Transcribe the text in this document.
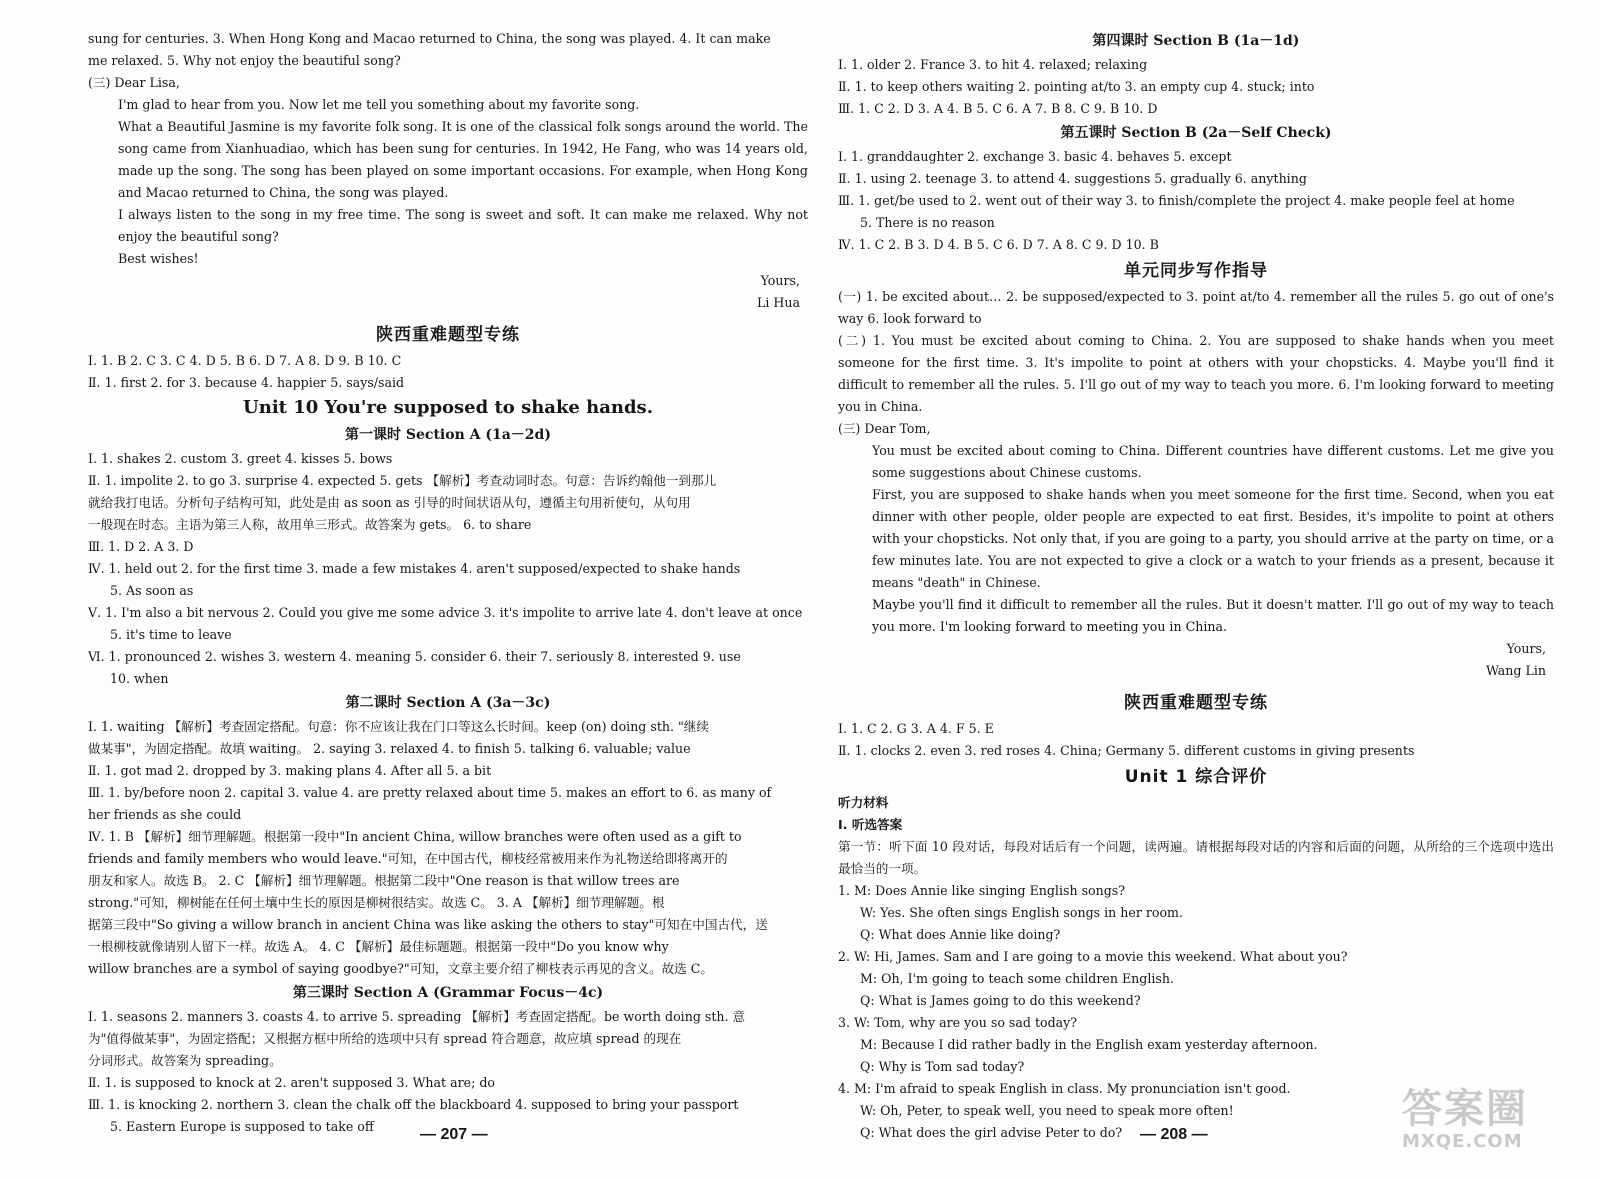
sung for centuries. 3. When Hong Kong and Macao returned to China, the song was played. 4. It can make
me relaxed. 5. Why not enjoy the beautiful song?
(三) Dear Lisa,
I'm glad to hear from you. Now let me tell you something about my favorite song.
What a Beautiful Jasmine is my favorite folk song. It is one of the classical folk songs around the world. The song came from Xianhuadiao, which has been sung for centuries. In 1942, He Fang, who was 14 years old, made up the song. The song has been played on some important occasions. For example, when Hong Kong and Macao returned to China, the song was played.
I always listen to the song in my free time. The song is sweet and soft. It can make me relaxed. Why not enjoy the beautiful song?
Best wishes!
Yours,
Li Hua
陕西重难题型专练
Ⅰ. 1. B 2. C 3. C 4. D 5. B 6. D 7. A 8. D 9. B 10. C
Ⅱ. 1. first 2. for 3. because 4. happier 5. says/said
Unit 10 You're supposed to shake hands.
第一课时 Section A (1a－2d)
Ⅰ. 1. shakes 2. custom 3. greet 4. kisses 5. bows
Ⅱ. 1. impolite 2. to go 3. surprise 4. expected 5. gets 【解析】考查动词时态。句意：告诉约翰他一到那儿
就给我打电话。分析句子结构可知，此处是由 as soon as 引导的时间状语从句，遵循主句用祈使句，从句用
一般现在时态。主语为第三人称，故用单三形式。故答案为 gets。 6. to share
Ⅲ. 1. D 2. A 3. D
Ⅳ. 1. held out 2. for the first time 3. made a few mistakes 4. aren't supposed/expected to shake hands
5. As soon as
Ⅴ. 1. I'm also a bit nervous 2. Could you give me some advice 3. it's impolite to arrive late 4. don't leave at once
5. it's time to leave
Ⅵ. 1. pronounced 2. wishes 3. western 4. meaning 5. consider 6. their 7. seriously 8. interested 9. use
10. when
第二课时 Section A (3a－3c)
Ⅰ. 1. waiting 【解析】考查固定搭配。句意：你不应该让我在门口等这么长时间。keep (on) doing sth. "继续
做某事"，为固定搭配。故填 waiting。 2. saying 3. relaxed 4. to finish 5. talking 6. valuable; value
Ⅱ. 1. got mad 2. dropped by 3. making plans 4. After all 5. a bit
Ⅲ. 1. by/before noon 2. capital 3. value 4. are pretty relaxed about time 5. makes an effort to 6. as many of
her friends as she could
Ⅳ. 1. B 【解析】细节理解题。根据第一段中"In ancient China, willow branches were often used as a gift to
friends and family members who would leave."可知，在中国古代，柳枝经常被用来作为礼物送给即将离开的
朋友和家人。故选 B。 2. C 【解析】细节理解题。根据第二段中"One reason is that willow trees are
strong."可知，柳树能在任何土壤中生长的原因是柳树很结实。故选 C。 3. A 【解析】细节理解题。根
据第三段中"So giving a willow branch in ancient China was like asking the others to stay"可知在中国古代，送
一根柳枝就像请别人留下一样。故选 A。 4. C 【解析】最佳标题题。根据第一段中"Do you know why
willow branches are a symbol of saying goodbye?"可知，文章主要介绍了柳枝表示再见的含义。故选 C。
第三课时 Section A (Grammar Focus－4c)
Ⅰ. 1. seasons 2. manners 3. coasts 4. to arrive 5. spreading 【解析】考查固定搭配。be worth doing sth. 意
为"值得做某事"，为固定搭配；又根据方框中所给的选项中只有 spread 符合题意，故应填 spread 的现在
分词形式。故答案为 spreading。
Ⅱ. 1. is supposed to knock at 2. aren't supposed 3. What are; do
Ⅲ. 1. is knocking 2. northern 3. clean the chalk off the blackboard 4. supposed to bring your passport
5. Eastern Europe is supposed to take off
第四课时 Section B (1a－1d)
Ⅰ. 1. older 2. France 3. to hit 4. relaxed; relaxing
Ⅱ. 1. to keep others waiting 2. pointing at/to 3. an empty cup 4. stuck; into
Ⅲ. 1. C 2. D 3. A 4. B 5. C 6. A 7. B 8. C 9. B 10. D
第五课时 Section B (2a－Self Check)
Ⅰ. 1. granddaughter 2. exchange 3. basic 4. behaves 5. except
Ⅱ. 1. using 2. teenage 3. to attend 4. suggestions 5. gradually 6. anything
Ⅲ. 1. get/be used to 2. went out of their way 3. to finish/complete the project 4. make people feel at home
5. There is no reason
Ⅳ. 1. C 2. B 3. D 4. B 5. C 6. D 7. A 8. C 9. D 10. B
单元同步写作指导
(一) 1. be excited about… 2. be supposed/expected to 3. point at/to 4. remember all the rules 5. go out of one's way 6. look forward to
(二) 1. You must be excited about coming to China. 2. You are supposed to shake hands when you meet someone for the first time. 3. It's impolite to point at others with your chopsticks. 4. Maybe you'll find it difficult to remember all the rules. 5. I'll go out of my way to teach you more. 6. I'm looking forward to meeting you in China.
(三) Dear Tom,
You must be excited about coming to China. Different countries have different customs. Let me give you some suggestions about Chinese customs.
First, you are supposed to shake hands when you meet someone for the first time. Second, when you eat dinner with other people, older people are expected to eat first. Besides, it's impolite to point at others with your chopsticks. Not only that, if you are going to a party, you should arrive at the party on time, or a few minutes late. You are not expected to give a clock or a watch to your friends as a present, because it means "death" in Chinese.
Maybe you'll find it difficult to remember all the rules. But it doesn't matter. I'll go out of my way to teach you more. I'm looking forward to meeting you in China.
Yours,
Wang Lin
陕西重难题型专练
Ⅰ. 1. C 2. G 3. A 4. F 5. E
Ⅱ. 1. clocks 2. even 3. red roses 4. China; Germany 5. different customs in giving presents
Unit 1 综合评价
听力材料
Ⅰ. 听选答案
第一节：听下面 10 段对话，每段对话后有一个问题，读两遍。请根据每段对话的内容和后面的问题，从所给的三个选项中选出最恰当的一项。
1. M: Does Annie like singing English songs?
W: Yes. She often sings English songs in her room.
Q: What does Annie like doing?
2. W: Hi, James. Sam and I are going to a movie this weekend. What about you?
M: Oh, I'm going to teach some children English.
Q: What is James going to do this weekend?
3. W: Tom, why are you so sad today?
M: Because I did rather badly in the English exam yesterday afternoon.
Q: Why is Tom sad today?
4. M: I'm afraid to speak English in class. My pronunciation isn't good.
W: Oh, Peter, to speak well, you need to speak more often!
Q: What does the girl advise Peter to do?
— 207 —	— 208 —
答案圈
MXQE.COM
